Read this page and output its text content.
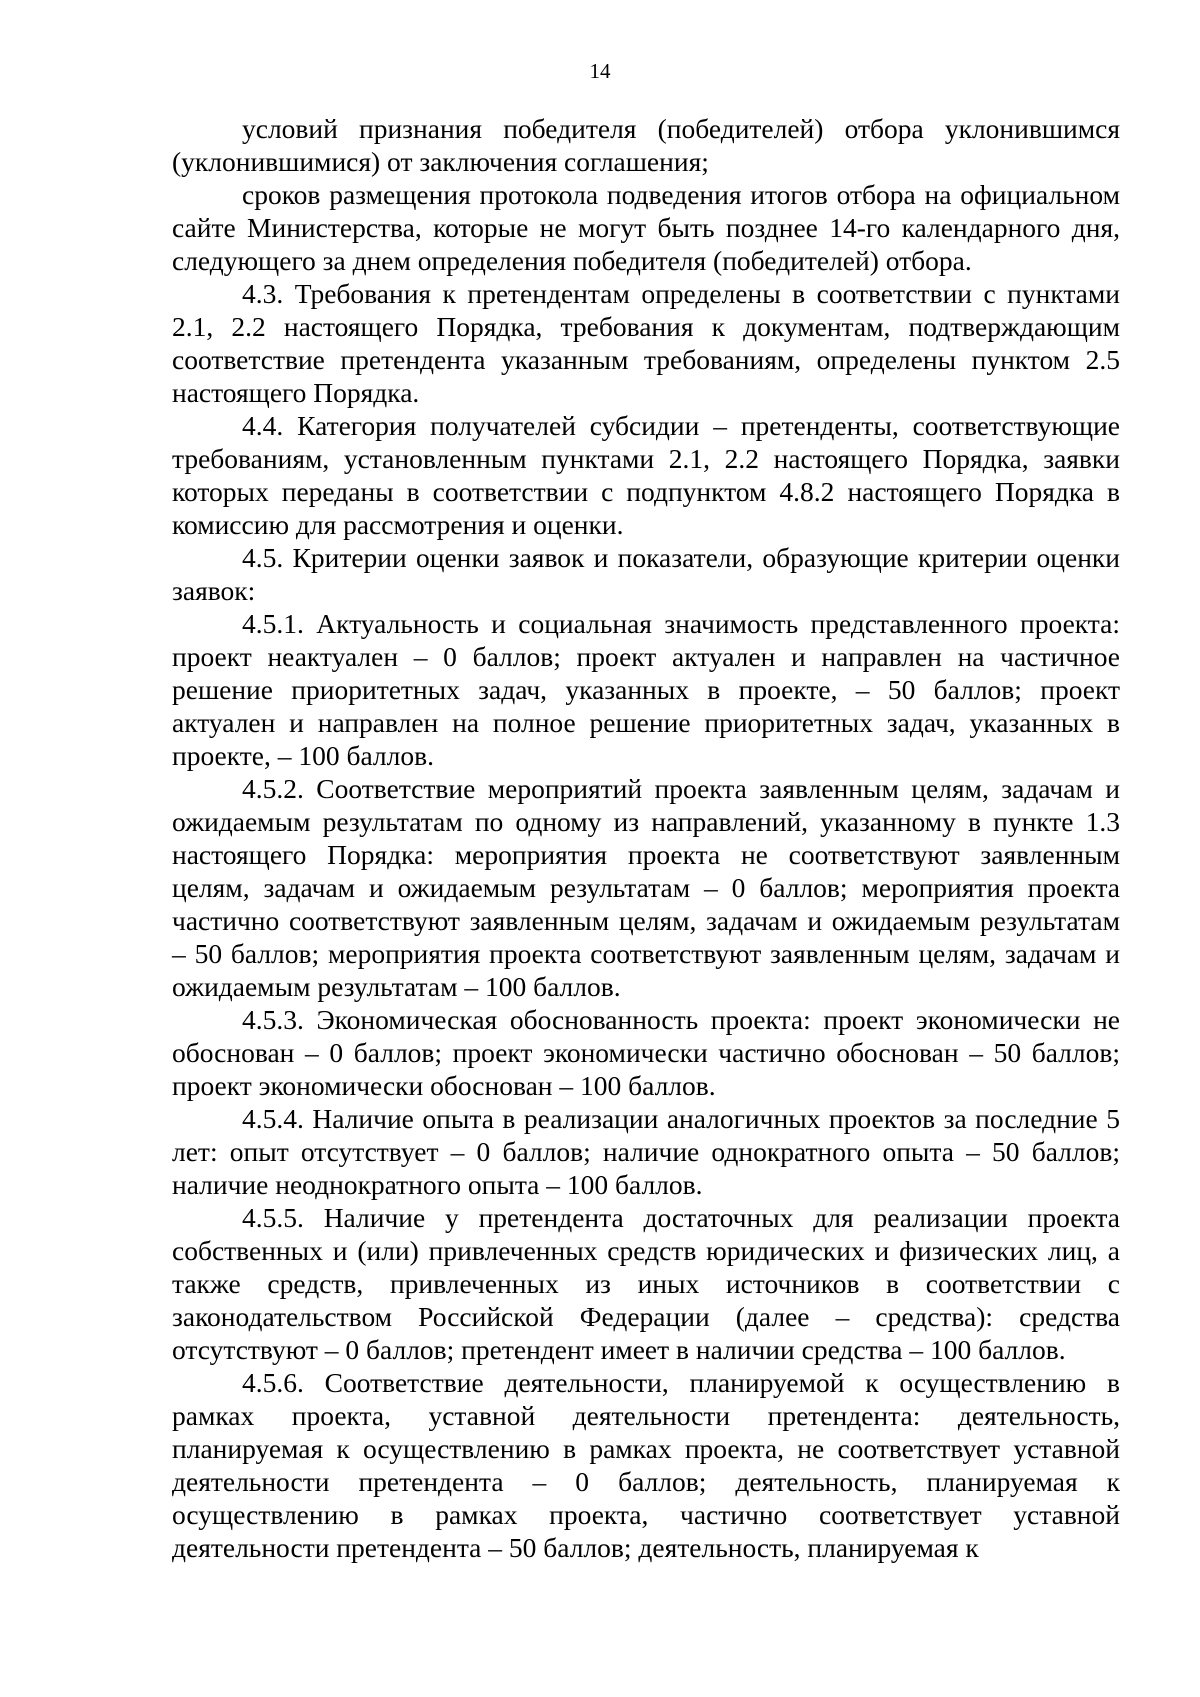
14

условий признания победителя (победителей) отбора уклонившимся (уклонившимися) от заключения соглашения;

сроков размещения протокола подведения итогов отбора на официальном сайте Министерства, которые не могут быть позднее 14-го календарного дня, следующего за днем определения победителя (победителей) отбора.

4.3. Требования к претендентам определены в соответствии с пунктами 2.1, 2.2 настоящего Порядка, требования к документам, подтверждающим соответствие претендента указанным требованиям, определены пунктом 2.5 настоящего Порядка.

4.4. Категория получателей субсидии – претенденты, соответствующие требованиям, установленным пунктами 2.1, 2.2 настоящего Порядка, заявки которых переданы в соответствии с подпунктом 4.8.2 настоящего Порядка в комиссию для рассмотрения и оценки.

4.5. Критерии оценки заявок и показатели, образующие критерии оценки заявок:

4.5.1. Актуальность и социальная значимость представленного проекта: проект неактуален – 0 баллов; проект актуален и направлен на частичное решение приоритетных задач, указанных в проекте, – 50 баллов; проект актуален и направлен на полное решение приоритетных задач, указанных в проекте, – 100 баллов.

4.5.2. Соответствие мероприятий проекта заявленным целям, задачам и ожидаемым результатам по одному из направлений, указанному в пункте 1.3 настоящего Порядка: мероприятия проекта не соответствуют заявленным целям, задачам и ожидаемым результатам – 0 баллов; мероприятия проекта частично соответствуют заявленным целям, задачам и ожидаемым результатам – 50 баллов; мероприятия проекта соответствуют заявленным целям, задачам и ожидаемым результатам – 100 баллов.

4.5.3. Экономическая обоснованность проекта: проект экономически не обоснован – 0 баллов; проект экономически частично обоснован – 50 баллов; проект экономически обоснован – 100 баллов.

4.5.4. Наличие опыта в реализации аналогичных проектов за последние 5 лет: опыт отсутствует – 0 баллов; наличие однократного опыта – 50 баллов; наличие неоднократного опыта – 100 баллов.

4.5.5. Наличие у претендента достаточных для реализации проекта собственных и (или) привлеченных средств юридических и физических лиц, а также средств, привлеченных из иных источников в соответствии с законодательством Российской Федерации (далее – средства): средства отсутствуют – 0 баллов; претендент имеет в наличии средства – 100 баллов.

4.5.6. Соответствие деятельности, планируемой к осуществлению в рамках проекта, уставной деятельности претендента: деятельность, планируемая к осуществлению в рамках проекта, не соответствует уставной деятельности претендента – 0 баллов; деятельность, планируемая к осуществлению в рамках проекта, частично соответствует уставной деятельности претендента – 50 баллов; деятельность, планируемая к
